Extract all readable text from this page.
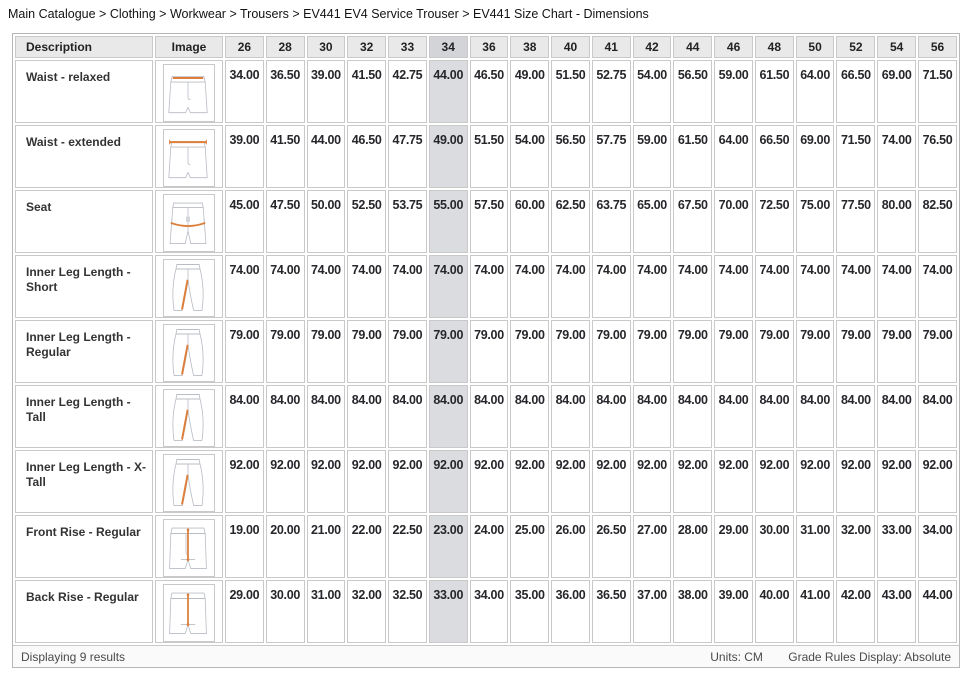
Main Catalogue > Clothing > Workwear > Trousers > EV441 EV4 Service Trouser > EV441 Size Chart - Dimensions
Description	Image	26	28	30	32	33	34	36	38	40	41	42	44	46	48	50	52	54	56
Waist - relaxed		34.00	36.50	39.00	41.50	42.75	44.00	46.50	49.00	51.50	52.75	54.00	56.50	59.00	61.50	64.00	66.50	69.00	71.50
Waist - extended		39.00	41.50	44.00	46.50	47.75	49.00	51.50	54.00	56.50	57.75	59.00	61.50	64.00	66.50	69.00	71.50	74.00	76.50
Seat		45.00	47.50	50.00	52.50	53.75	55.00	57.50	60.00	62.50	63.75	65.00	67.50	70.00	72.50	75.00	77.50	80.00	82.50
Inner Leg Length - Short		74.00	74.00	74.00	74.00	74.00	74.00	74.00	74.00	74.00	74.00	74.00	74.00	74.00	74.00	74.00	74.00	74.00	74.00
Inner Leg Length - Regular		79.00	79.00	79.00	79.00	79.00	79.00	79.00	79.00	79.00	79.00	79.00	79.00	79.00	79.00	79.00	79.00	79.00	79.00
Inner Leg Length - Tall		84.00	84.00	84.00	84.00	84.00	84.00	84.00	84.00	84.00	84.00	84.00	84.00	84.00	84.00	84.00	84.00	84.00	84.00
Inner Leg Length - X-Tall		92.00	92.00	92.00	92.00	92.00	92.00	92.00	92.00	92.00	92.00	92.00	92.00	92.00	92.00	92.00	92.00	92.00	92.00
Front Rise - Regular		19.00	20.00	21.00	22.00	22.50	23.00	24.00	25.00	26.00	26.50	27.00	28.00	29.00	30.00	31.00	32.00	33.00	34.00
Back Rise - Regular		29.00	30.00	31.00	32.00	32.50	33.00	34.00	35.00	36.00	36.50	37.00	38.00	39.00	40.00	41.00	42.00	43.00	44.00
Displaying 9 results	Units: CM Grade Rules Display: Absolute
